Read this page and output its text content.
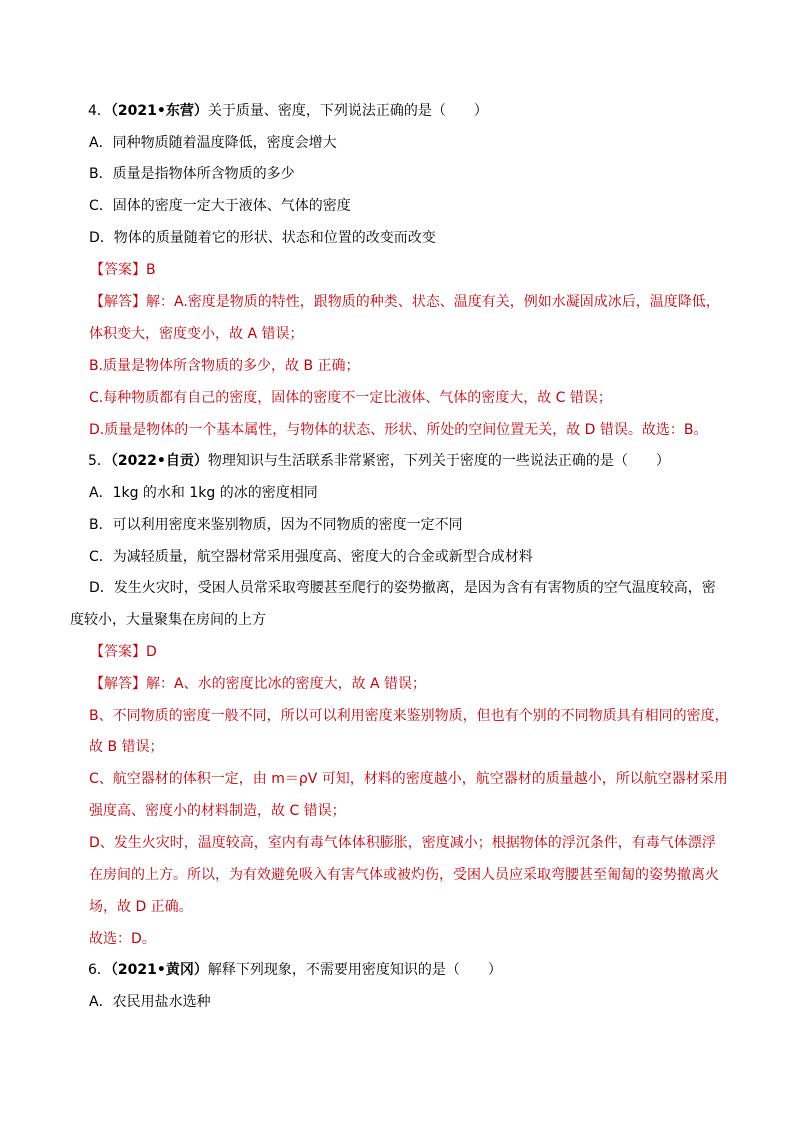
4．（2021•东营）关于质量、密度，下列说法正确的是（　　）
A．同种物质随着温度降低，密度会增大
B．质量是指物体所含物质的多少
C．固体的密度一定大于液体、气体的密度
D．物体的质量随着它的形状、状态和位置的改变而改变
【答案】B
【解答】解：A.密度是物质的特性，跟物质的种类、状态、温度有关，例如水凝固成冰后，温度降低，
体积变大，密度变小，故 A 错误；
B.质量是物体所含物质的多少，故 B 正确；
C.每种物质都有自己的密度，固体的密度不一定比液体、气体的密度大，故 C 错误；
D.质量是物体的一个基本属性，与物体的状态、形状、所处的空间位置无关，故 D 错误。故选：B。
5．（2022•自贡）物理知识与生活联系非常紧密，下列关于密度的一些说法正确的是（　　）
A．1kg 的水和 1kg 的冰的密度相同
B．可以利用密度来鉴别物质，因为不同物质的密度一定不同
C．为减轻质量，航空器材常采用强度高、密度大的合金或新型合成材料
D．发生火灾时，受困人员常采取弯腰甚至爬行的姿势撤离，是因为含有有害物质的空气温度较高，密
度较小，大量聚集在房间的上方
【答案】D
【解答】解：A、水的密度比冰的密度大，故 A 错误；
B、不同物质的密度一般不同，所以可以利用密度来鉴别物质，但也有个别的不同物质具有相同的密度，
故 B 错误；
C、航空器材的体积一定，由 m＝ρV 可知，材料的密度越小，航空器材的质量越小，所以航空器材采用
强度高、密度小的材料制造，故 C 错误；
D、发生火灾时，温度较高，室内有毒气体体积膨胀，密度减小；根据物体的浮沉条件，有毒气体漂浮
在房间的上方。所以，为有效避免吸入有害气体或被灼伤，受困人员应采取弯腰甚至匍匐的姿势撤离火
场，故 D 正确。
故选：D。
6．（2021•黄冈）解释下列现象，不需要用密度知识的是（　　）
A．农民用盐水选种
